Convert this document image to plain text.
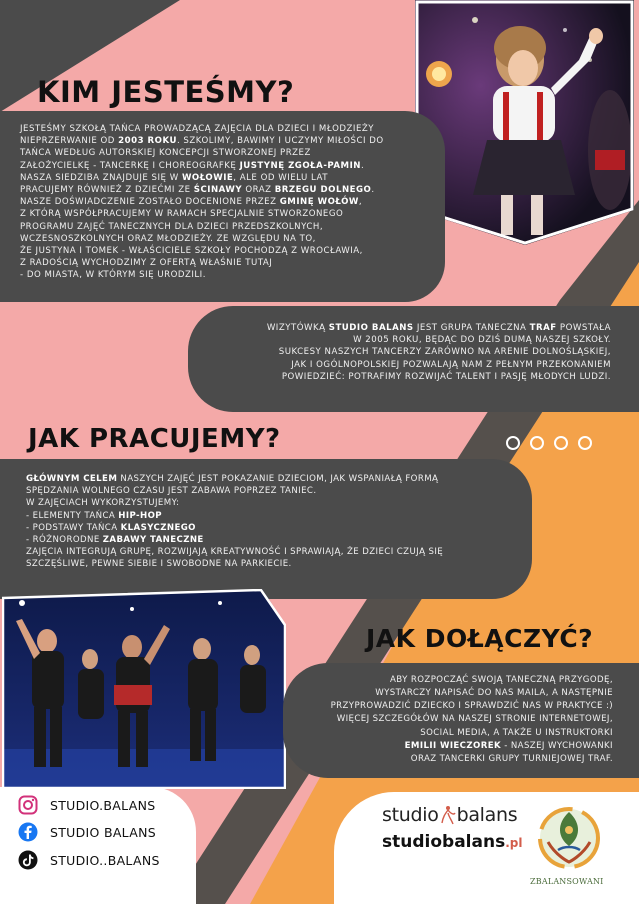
KIM JESTEŚMY?

JESTEŚMY SZKOŁĄ TAŃCA PROWADZĄCĄ ZAJĘCIA DLA DZIECI I MŁODZIEŻY

NIEPRZERWANIE OD 2003 ROKU. SZKOLIMY, BAWIMY I UCZYMY MIŁOŚCI DO

TAŃCA WEDŁUG AUTORSKIEJ KONCEPCJI STWORZONEJ PRZEZ

ZAŁOŻYCIELKĘ - TANCERKĘ I CHOREOGRAFKĘ JUSTYNĘ ZGOŁA-PAMIN.

NASZA SIEDZIBA ZNAJDUJE SIĘ W WOŁOWIE, ALE OD WIELU LAT

PRACUJEMY RÓWNIEŻ Z DZIEĆMI ZE ŚCINAWY ORAZ BRZEGU DOLNEGO.

NASZE DOŚWIADCZENIE ZOSTAŁO DOCENIONE PRZEZ GMINĘ WOŁÓW,

Z KTÓRĄ WSPÓŁPRACUJEMY W RAMACH SPECJALNIE STWORZONEGO

PROGRAMU ZAJĘĆ TANECZNYCH DLA DZIECI PRZEDSZKOLNYCH,

WCZESNOSZKOLNYCH ORAZ MŁODZIEŻY. ZE WZGLĘDU NA TO,

ŻE JUSTYNA I TOMEK - WŁAŚCICIELE SZKOŁY POCHODZĄ Z WROCŁAWIA,

Z RADOŚCIĄ WYCHODZIMY Z OFERTĄ WŁAŚNIE TUTAJ

- DO MIASTA, W KTÓRYM SIĘ URODZILI.

WIZYTÓWKĄ STUDIO BALANS JEST GRUPA TANECZNA TRAF POWSTAŁA

W 2005 ROKU, BĘDĄC DO DZIŚ DUMĄ NASZEJ SZKOŁY.

SUKCESY NASZYCH TANCERZY ZARÓWNO NA ARENIE DOLNOŚLĄSKIEJ,

JAK I OGÓLNOPOLSKIEJ POZWALAJĄ NAM Z PEŁNYM PRZEKONANIEM

POWIEDZIEĆ: POTRAFIMY ROZWIJAĆ TALENT I PASJĘ MŁODYCH LUDZI.

JAK PRACUJEMY?

GŁÓWNYM CELEM NASZYCH ZAJĘĆ JEST POKAZANIE DZIECIOM, JAK WSPANIAŁĄ FORMĄ

SPĘDZANIA WOLNEGO CZASU JEST ZABAWA POPRZEZ TANIEC.

W ZAJĘCIACH WYKORZYSTUJEMY:

- ELEMENTY TAŃCA HIP-HOP

- PODSTAWY TAŃCA KLASYCZNEGO

- RÓŻNORODNE ZABAWY TANECZNE

ZAJĘCIA INTEGRUJĄ GRUPĘ, ROZWIJAJĄ KREATYWNOŚĆ I SPRAWIAJĄ, ŻE DZIECI CZUJĄ SIĘ

SZCZĘŚLIWE, PEWNE SIEBIE I SWOBODNE NA PARKIECIE.

JAK DOŁĄCZYĆ?

ABY ROZPOCZĄĆ SWOJĄ TANECZNĄ PRZYGODĘ,

WYSTARCZY NAPISAĆ DO NAS MAILA, A NASTĘPNIE

PRZYPROWADZIĆ DZIECKO I SPRAWDZIĆ NAS W PRAKTYCE :)

WIĘCEJ SZCZEGÓŁÓW NA NASZEJ STRONIE INTERNETOWEJ,

SOCIAL MEDIA, A TAKŻE U INSTRUKTORKI

EMILII WIECZOREK - NASZEJ WYCHOWANKI

ORAZ TANCERKI GRUPY TURNIEJOWEJ TRAF.

STUDIO.BALANS
STUDIO BALANS
STUDIO..BALANS
studio balans
studiobalans.pl
ZBALANSOWANI
